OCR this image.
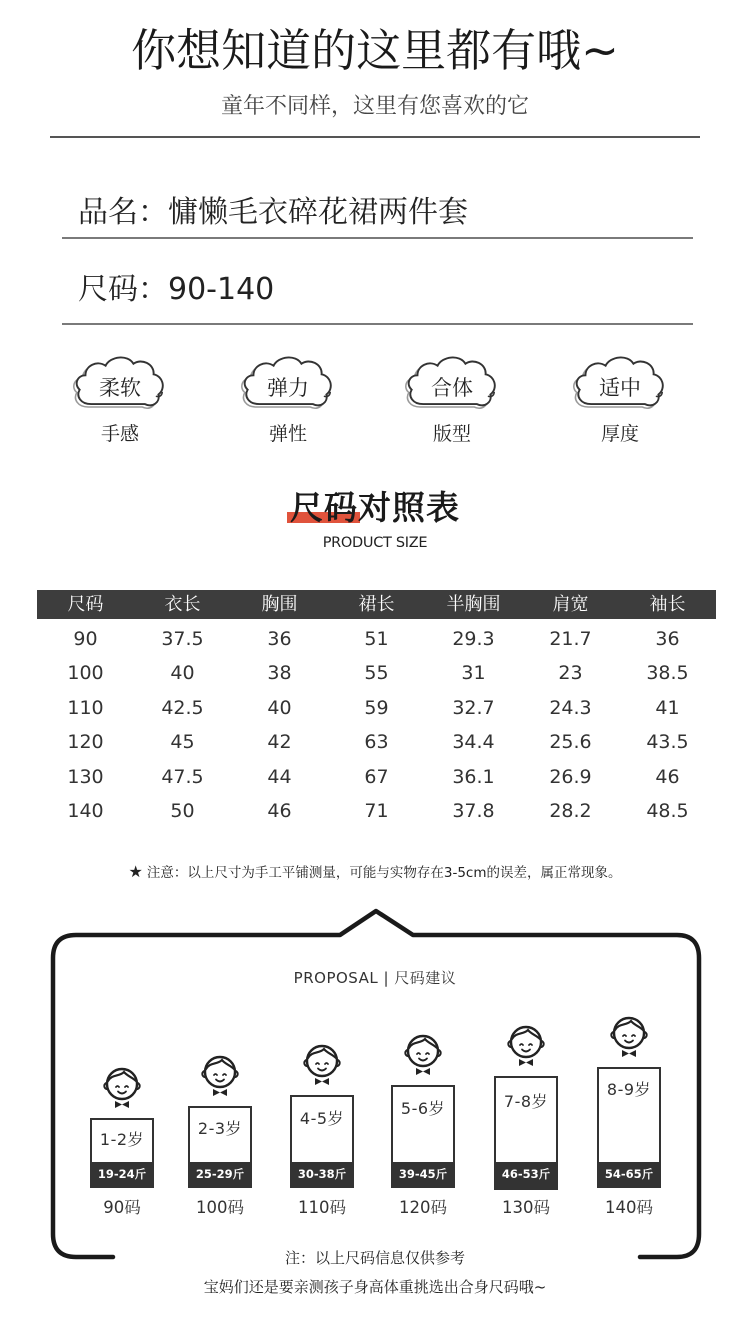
你想知道的这里都有哦~
童年不同样，这里有您喜欢的它
品名：慵懒毛衣碎花裙两件套
尺码：90-140
柔软
手感
弹力
弹性
合体
版型
适中
厚度
尺码对照表
PRODUCT SIZE
尺码	衣长	胸围	裙长	半胸围	肩宽	袖长
90	37.5	36	51	29.3	21.7	36
100	40	38	55	31	23	38.5
110	42.5	40	59	32.7	24.3	41
120	45	42	63	34.4	25.6	43.5
130	47.5	44	67	36.1	26.9	46
140	50	46	71	37.8	28.2	48.5
★ 注意：以上尺寸为手工平铺测量，可能与实物存在3-5cm的误差，属正常现象。
PROPOSAL | 尺码建议
1-2岁
19-24斤
90码
2-3岁
25-29斤
100码
4-5岁
30-38斤
110码
5-6岁
39-45斤
120码
7-8岁
46-53斤
130码
8-9岁
54-65斤
140码
注：以上尺码信息仅供参考
宝妈们还是要亲测孩子身高体重挑选出合身尺码哦~
